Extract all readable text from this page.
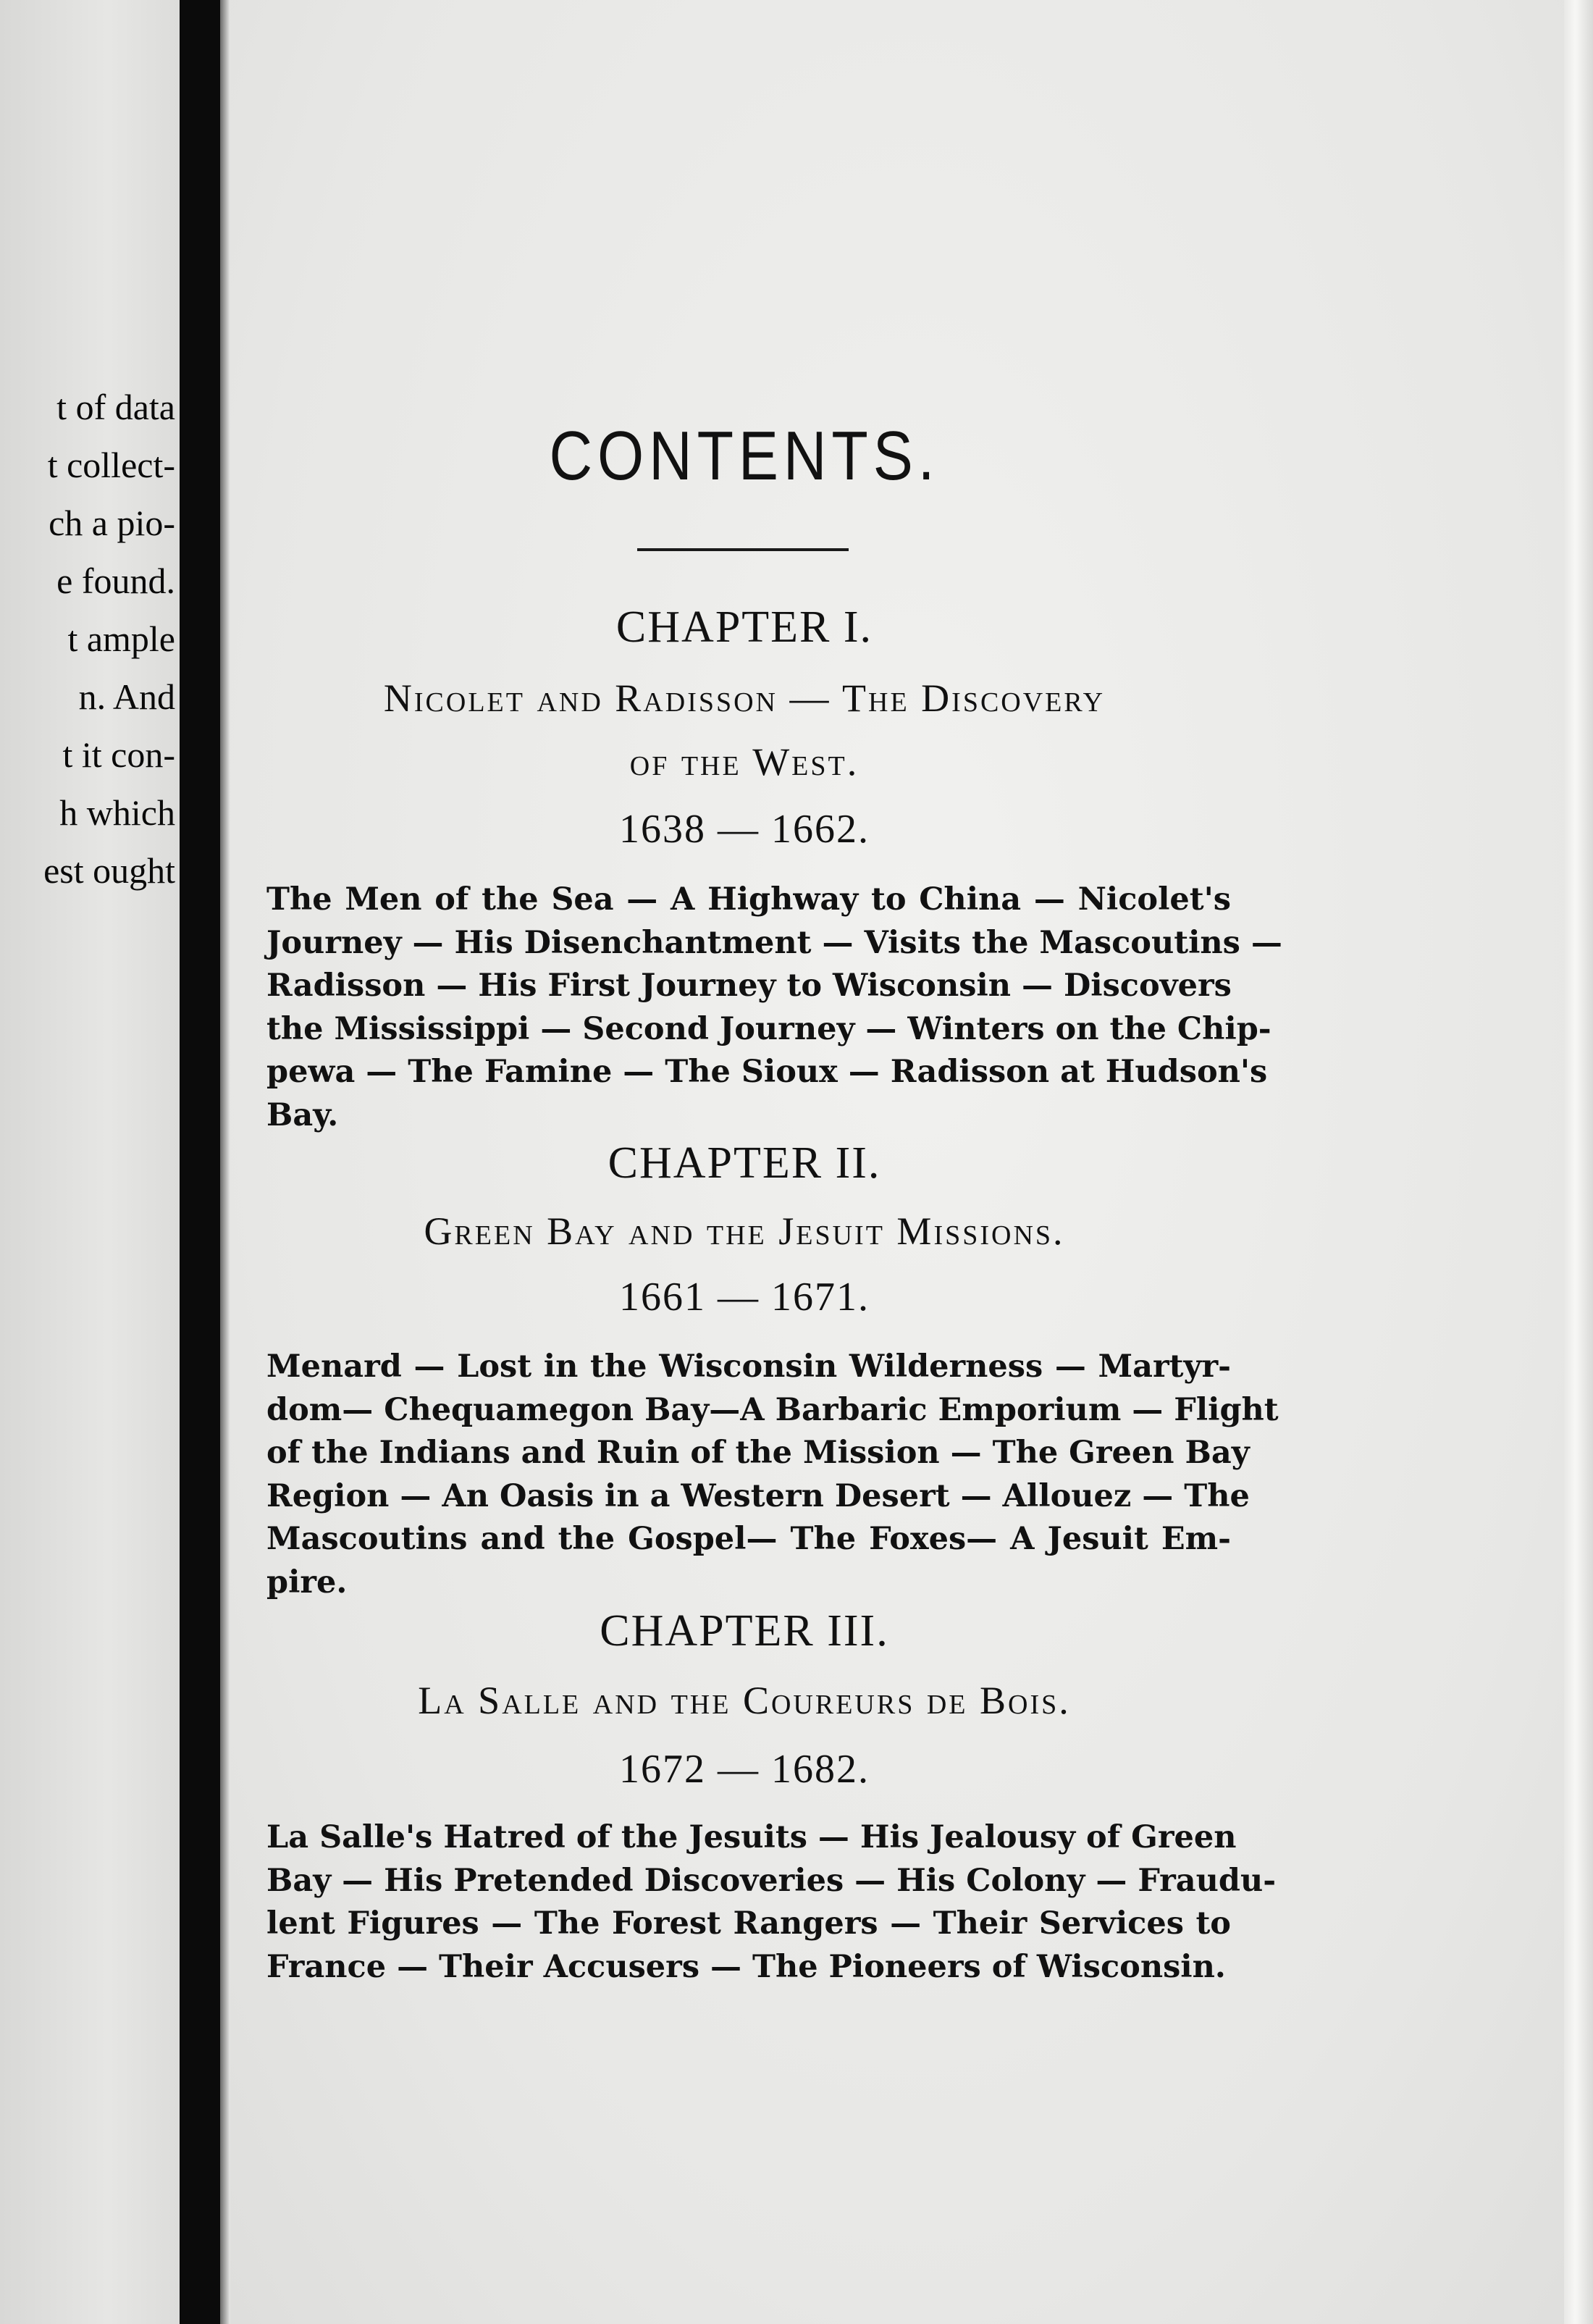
t of data
t collect-
ch a pio-
e found.
t ample
n. And
t it con-
h which
est ought
CONTENTS.
CHAPTER I.
Nicolet and Radisson — The Discovery
of the West.
1638 — 1662.
The Men of the Sea — A Highway to China — Nicolet's
Journey — His Disenchantment — Visits the Mascoutins —
Radisson — His First Journey to Wisconsin — Discovers
the Mississippi — Second Journey — Winters on the Chip-
pewa — The Famine — The Sioux — Radisson at Hudson's
Bay.
CHAPTER II.
Green Bay and the Jesuit Missions.
1661 — 1671.
Menard — Lost in the Wisconsin Wilderness — Martyr-
dom— Chequamegon Bay—A Barbaric Emporium — Flight
of the Indians and Ruin of the Mission — The Green Bay
Region — An Oasis in a Western Desert — Allouez — The
Mascoutins and the Gospel— The Foxes— A Jesuit Em-
pire.
CHAPTER III.
La Salle and the Coureurs de Bois.
1672 — 1682.
La Salle's Hatred of the Jesuits — His Jealousy of Green
Bay — His Pretended Discoveries — His Colony — Fraudu-
lent Figures — The Forest Rangers — Their Services to
France — Their Accusers — The Pioneers of Wisconsin.
